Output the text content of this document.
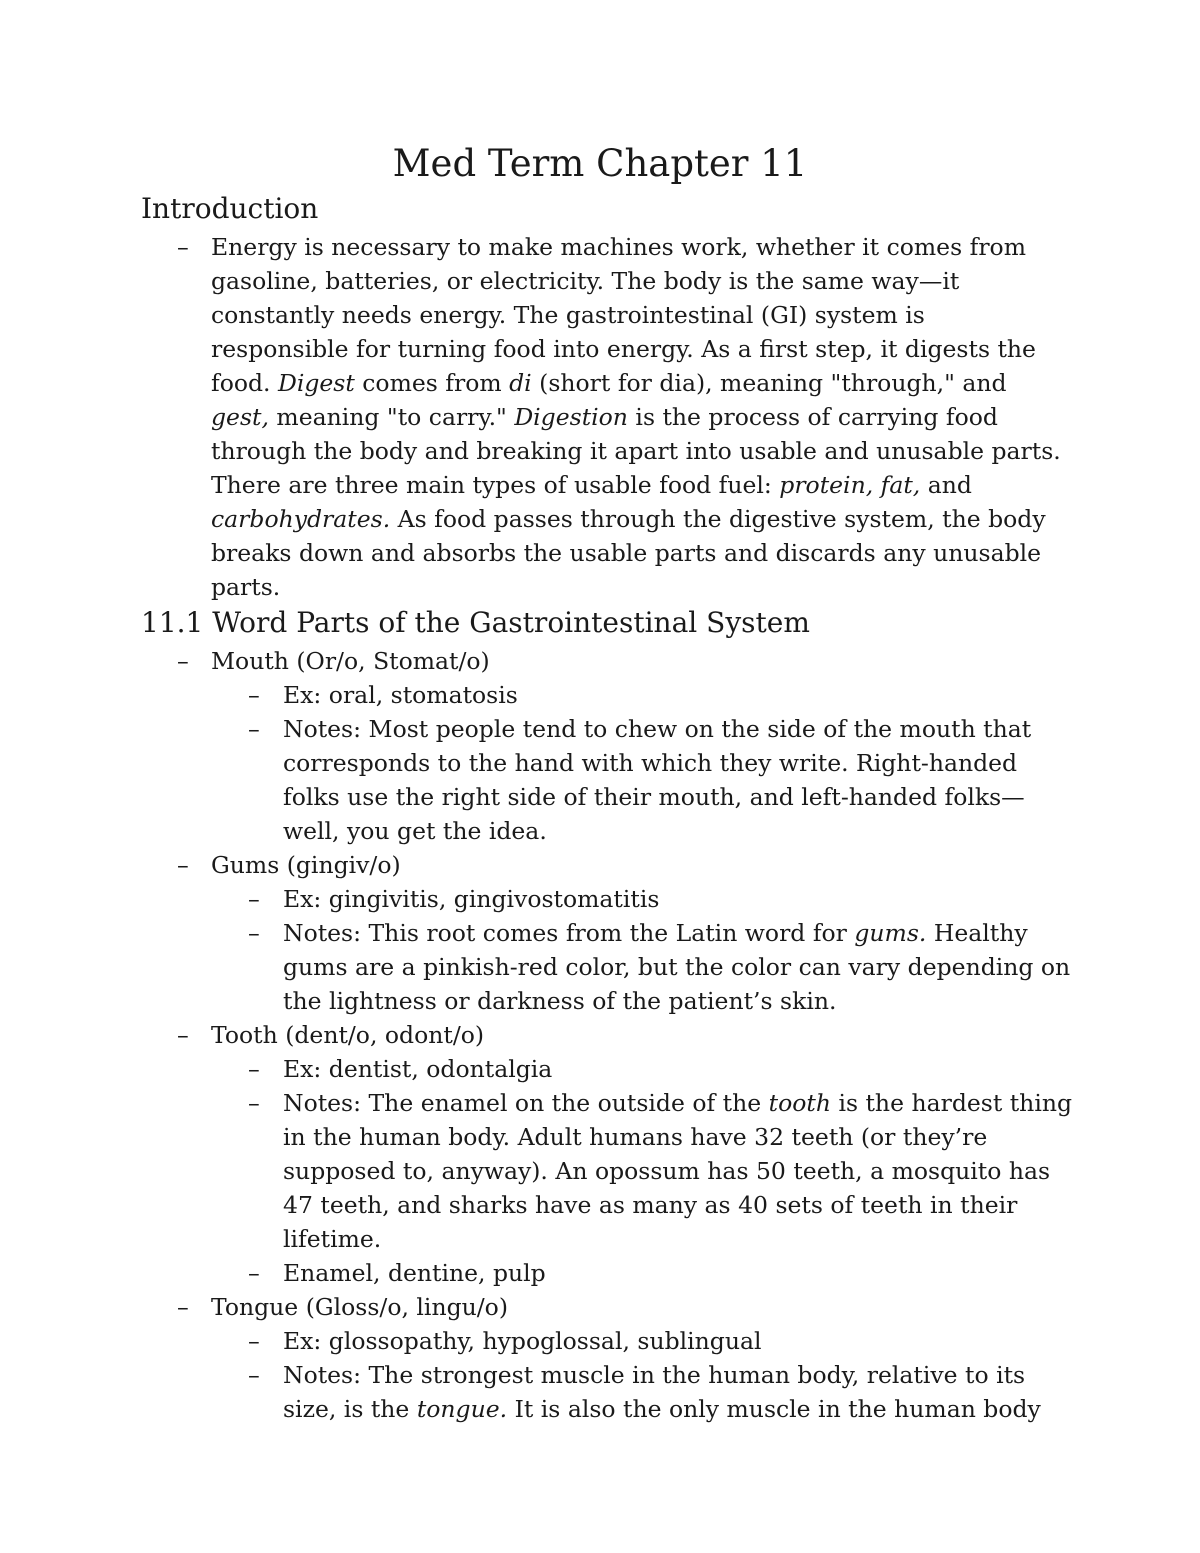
Med Term Chapter 11
Introduction
– Energy is necessary to make machines work, whether it comes from gasoline, batteries, or electricity. The body is the same way—it constantly needs energy. The gastrointestinal (GI) system is responsible for turning food into energy. As a first step, it digests the food. Digest comes from di (short for dia), meaning "through," and gest, meaning "to carry." Digestion is the process of carrying food through the body and breaking it apart into usable and unusable parts. There are three main types of usable food fuel: protein, fat, and carbohydrates. As food passes through the digestive system, the body breaks down and absorbs the usable parts and discards any unusable parts.
11.1 Word Parts of the Gastrointestinal System
– Mouth (Or/o, Stomat/o)
– Ex: oral, stomatosis
– Notes: Most people tend to chew on the side of the mouth that corresponds to the hand with which they write. Right-handed folks use the right side of their mouth, and left-handed folks—well, you get the idea.
– Gums (gingiv/o)
– Ex: gingivitis, gingivostomatitis
– Notes: This root comes from the Latin word for gums. Healthy gums are a pinkish-red color, but the color can vary depending on the lightness or darkness of the patient’s skin.
– Tooth (dent/o, odont/o)
– Ex: dentist, odontalgia
– Notes: The enamel on the outside of the tooth is the hardest thing in the human body. Adult humans have 32 teeth (or they’re supposed to, anyway). An opossum has 50 teeth, a mosquito has 47 teeth, and sharks have as many as 40 sets of teeth in their lifetime.
– Enamel, dentine, pulp
– Tongue (Gloss/o, lingu/o)
– Ex: glossopathy, hypoglossal, sublingual
– Notes: The strongest muscle in the human body, relative to its size, is the tongue. It is also the only muscle in the human body
